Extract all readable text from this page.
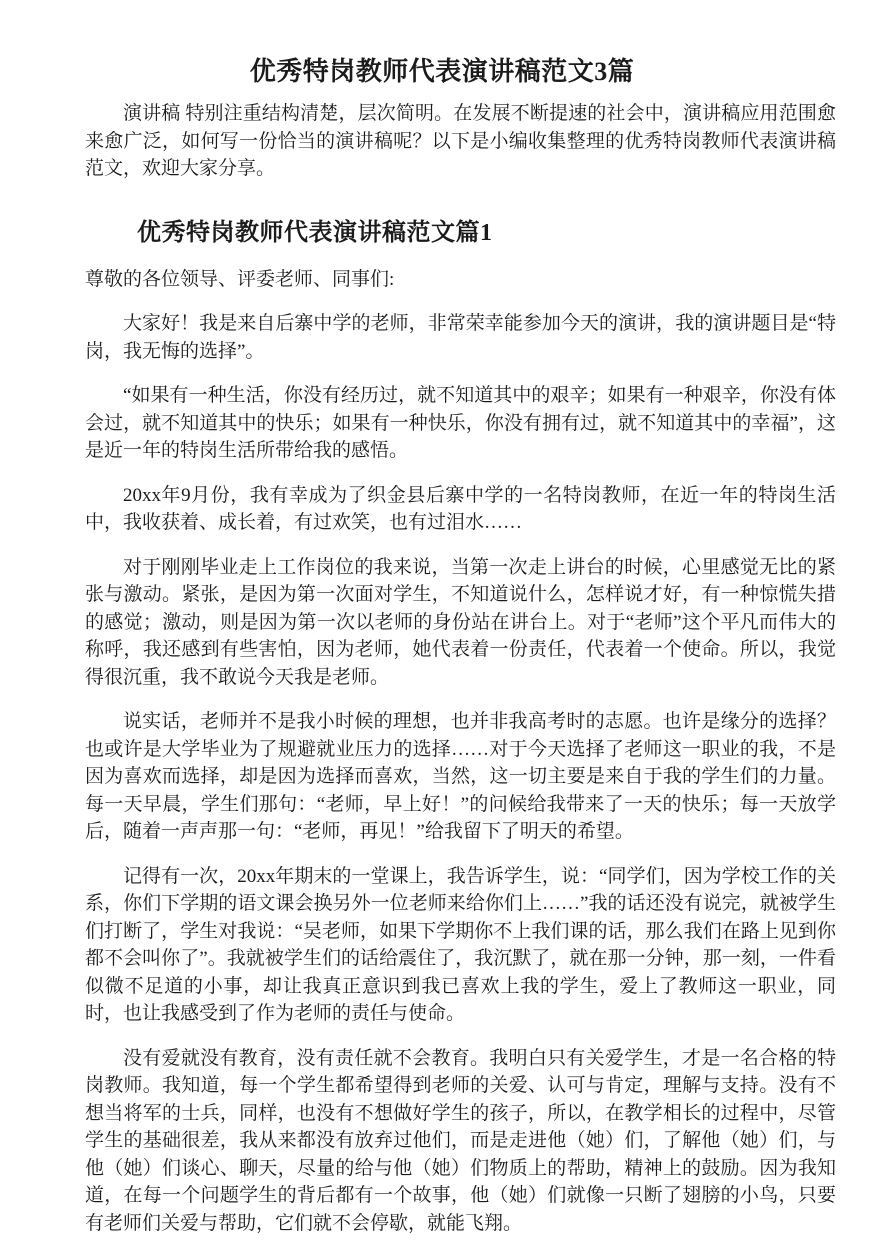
优秀特岗教师代表演讲稿范文3篇

演讲稿 特别注重结构清楚，层次简明。在发展不断提速的社会中，演讲稿应用范围愈来愈广泛，如何写一份恰当的演讲稿呢？以下是小编收集整理的优秀特岗教师代表演讲稿范文，欢迎大家分享。

优秀特岗教师代表演讲稿范文篇1

尊敬的各位领导、评委老师、同事们:

大家好！我是来自后寨中学的老师，非常荣幸能参加今天的演讲，我的演讲题目是“特岗，我无悔的选择”。

“如果有一种生活，你没有经历过，就不知道其中的艰辛；如果有一种艰辛，你没有体会过，就不知道其中的快乐；如果有一种快乐，你没有拥有过，就不知道其中的幸福”，这是近一年的特岗生活所带给我的感悟。

20xx年9月份，我有幸成为了织金县后寨中学的一名特岗教师，在近一年的特岗生活中，我收获着、成长着，有过欢笑，也有过泪水……

对于刚刚毕业走上工作岗位的我来说，当第一次走上讲台的时候，心里感觉无比的紧张与激动。紧张，是因为第一次面对学生，不知道说什么，怎样说才好，有一种惊慌失措的感觉；激动，则是因为第一次以老师的身份站在讲台上。对于“老师”这个平凡而伟大的称呼，我还感到有些害怕，因为老师，她代表着一份责任，代表着一个使命。所以，我觉得很沉重，我不敢说今天我是老师。

说实话，老师并不是我小时候的理想，也并非我高考时的志愿。也许是缘分的选择？也或许是大学毕业为了规避就业压力的选择……对于今天选择了老师这一职业的我，不是因为喜欢而选择，却是因为选择而喜欢，当然，这一切主要是来自于我的学生们的力量。每一天早晨，学生们那句：“老师，早上好！”的问候给我带来了一天的快乐；每一天放学后，随着一声声那一句：“老师，再见！”给我留下了明天的希望。

记得有一次，20xx年期末的一堂课上，我告诉学生，说：“同学们，因为学校工作的关系，你们下学期的语文课会换另外一位老师来给你们上……”我的话还没有说完，就被学生们打断了，学生对我说：“吴老师，如果下学期你不上我们课的话，那么我们在路上见到你都不会叫你了”。我就被学生们的话给震住了，我沉默了，就在那一分钟，那一刻，一件看似微不足道的小事，却让我真正意识到我已喜欢上我的学生，爱上了教师这一职业，同时，也让我感受到了作为老师的责任与使命。

没有爱就没有教育，没有责任就不会教育。我明白只有关爱学生，才是一名合格的特岗教师。我知道，每一个学生都希望得到老师的关爱、认可与肯定，理解与支持。没有不想当将军的士兵，同样，也没有不想做好学生的孩子，所以，在教学相长的过程中，尽管学生的基础很差，我从来都没有放弃过他们，而是走进他（她）们，了解他（她）们，与他（她）们谈心、聊天，尽量的给与他（她）们物质上的帮助，精神上的鼓励。因为我知道，在每一个问题学生的背后都有一个故事，他（她）们就像一只断了翅膀的小鸟，只要有老师们关爱与帮助，它们就不会停歇，就能飞翔。
